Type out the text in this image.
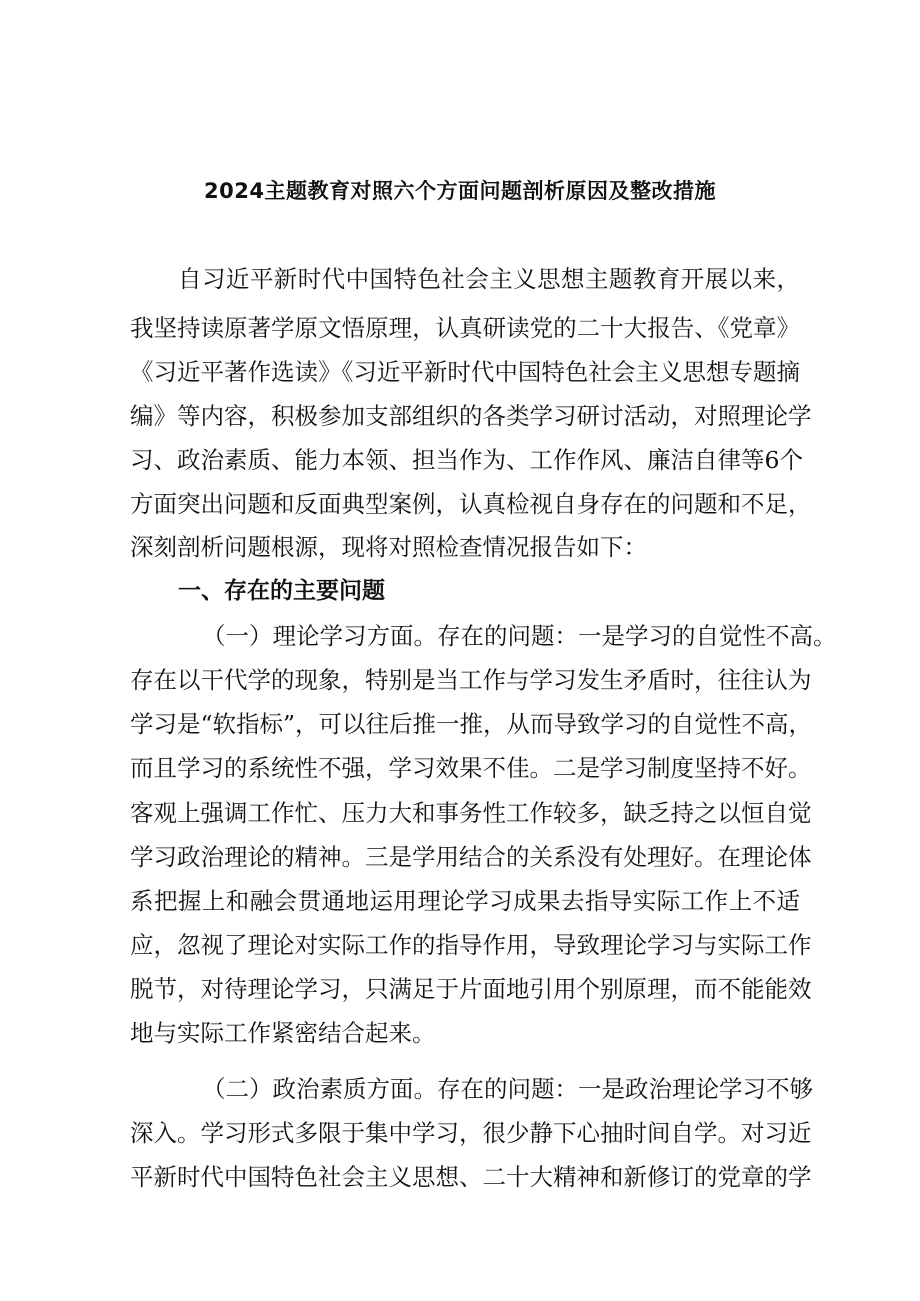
2024主题教育对照六个方面问题剖析原因及整改措施
自习近平新时代中国特色社会主义思想主题教育开展以来，
我坚持读原著学原文悟原理，认真研读党的二十大报告、《党章》
《习近平著作选读》《习近平新时代中国特色社会主义思想专题摘
编》等内容，积极参加支部组织的各类学习研讨活动，对照理论学
习、政治素质、能力本领、担当作为、工作作风、廉洁自律等6个
方面突出问题和反面典型案例，认真检视自身存在的问题和不足，
深刻剖析问题根源，现将对照检查情况报告如下：
一、存在的主要问题
（一）理论学习方面。存在的问题：一是学习的自觉性不高。
存在以干代学的现象，特别是当工作与学习发生矛盾时，往往认为
学习是“软指标”，可以往后推一推，从而导致学习的自觉性不高，
而且学习的系统性不强，学习效果不佳。二是学习制度坚持不好。
客观上强调工作忙、压力大和事务性工作较多，缺乏持之以恒自觉
学习政治理论的精神。三是学用结合的关系没有处理好。在理论体
系把握上和融会贯通地运用理论学习成果去指导实际工作上不适
应，忽视了理论对实际工作的指导作用，导致理论学习与实际工作
脱节，对待理论学习，只满足于片面地引用个别原理，而不能能效
地与实际工作紧密结合起来。
（二）政治素质方面。存在的问题：一是政治理论学习不够
深入。学习形式多限于集中学习，很少静下心抽时间自学。对习近
平新时代中国特色社会主义思想、二十大精神和新修订的党章的学
